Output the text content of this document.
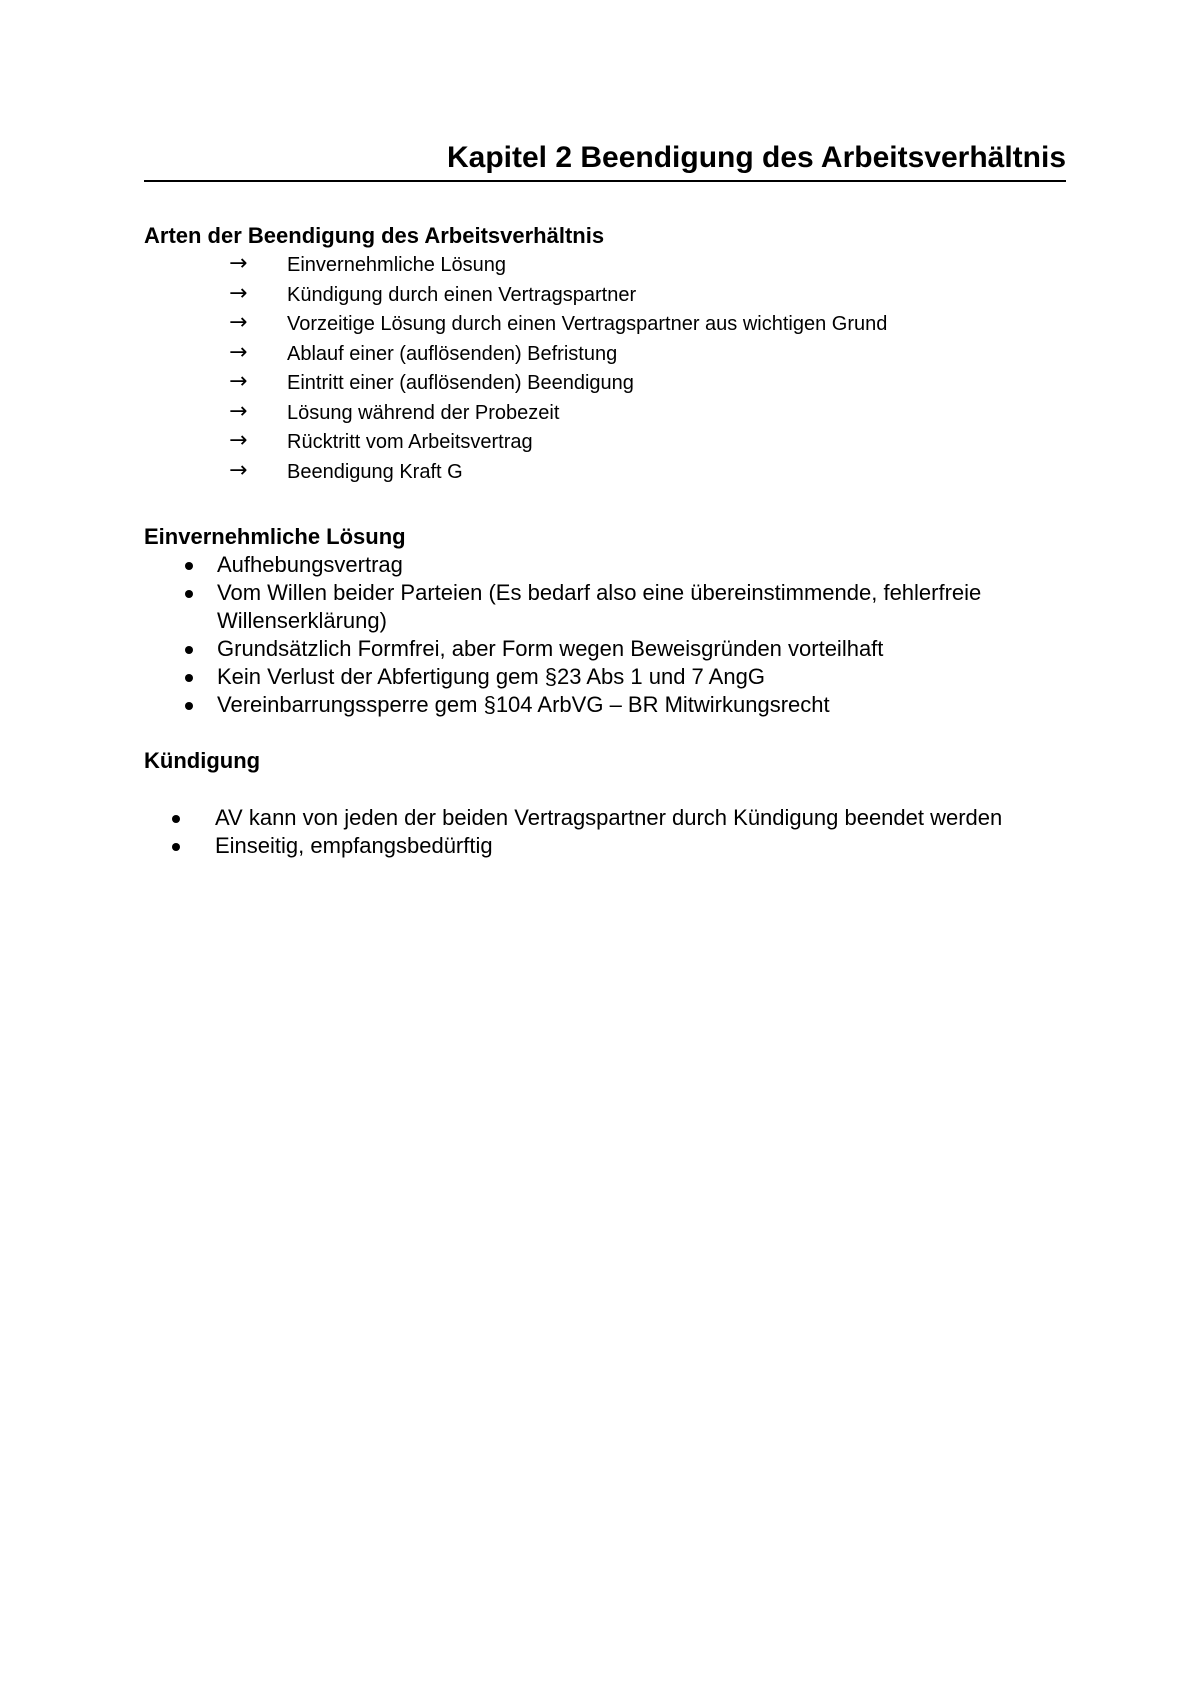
Kapitel 2 Beendigung des Arbeitsverhältnis
Arten der Beendigung des Arbeitsverhältnis
→ Einvernehmliche Lösung
→ Kündigung durch einen Vertragspartner
→ Vorzeitige Lösung durch einen Vertragspartner aus wichtigen Grund
→ Ablauf einer (auflösenden) Befristung
→ Eintritt einer (auflösenden) Beendigung
→ Lösung während der Probezeit
→ Rücktritt vom Arbeitsvertrag
→ Beendigung Kraft G
Einvernehmliche Lösung
Aufhebungsvertrag
Vom Willen beider Parteien (Es bedarf also eine übereinstimmende, fehlerfreie Willenserklärung)
Grundsätzlich Formfrei, aber Form wegen Beweisgründen vorteilhaft
Kein Verlust der Abfertigung gem §23 Abs 1 und 7 AngG
Vereinbarrungssperre gem §104 ArbVG – BR Mitwirkungsrecht
Kündigung
AV kann von jeden der beiden Vertragspartner durch Kündigung beendet werden
Einseitig, empfangsbedürftig
